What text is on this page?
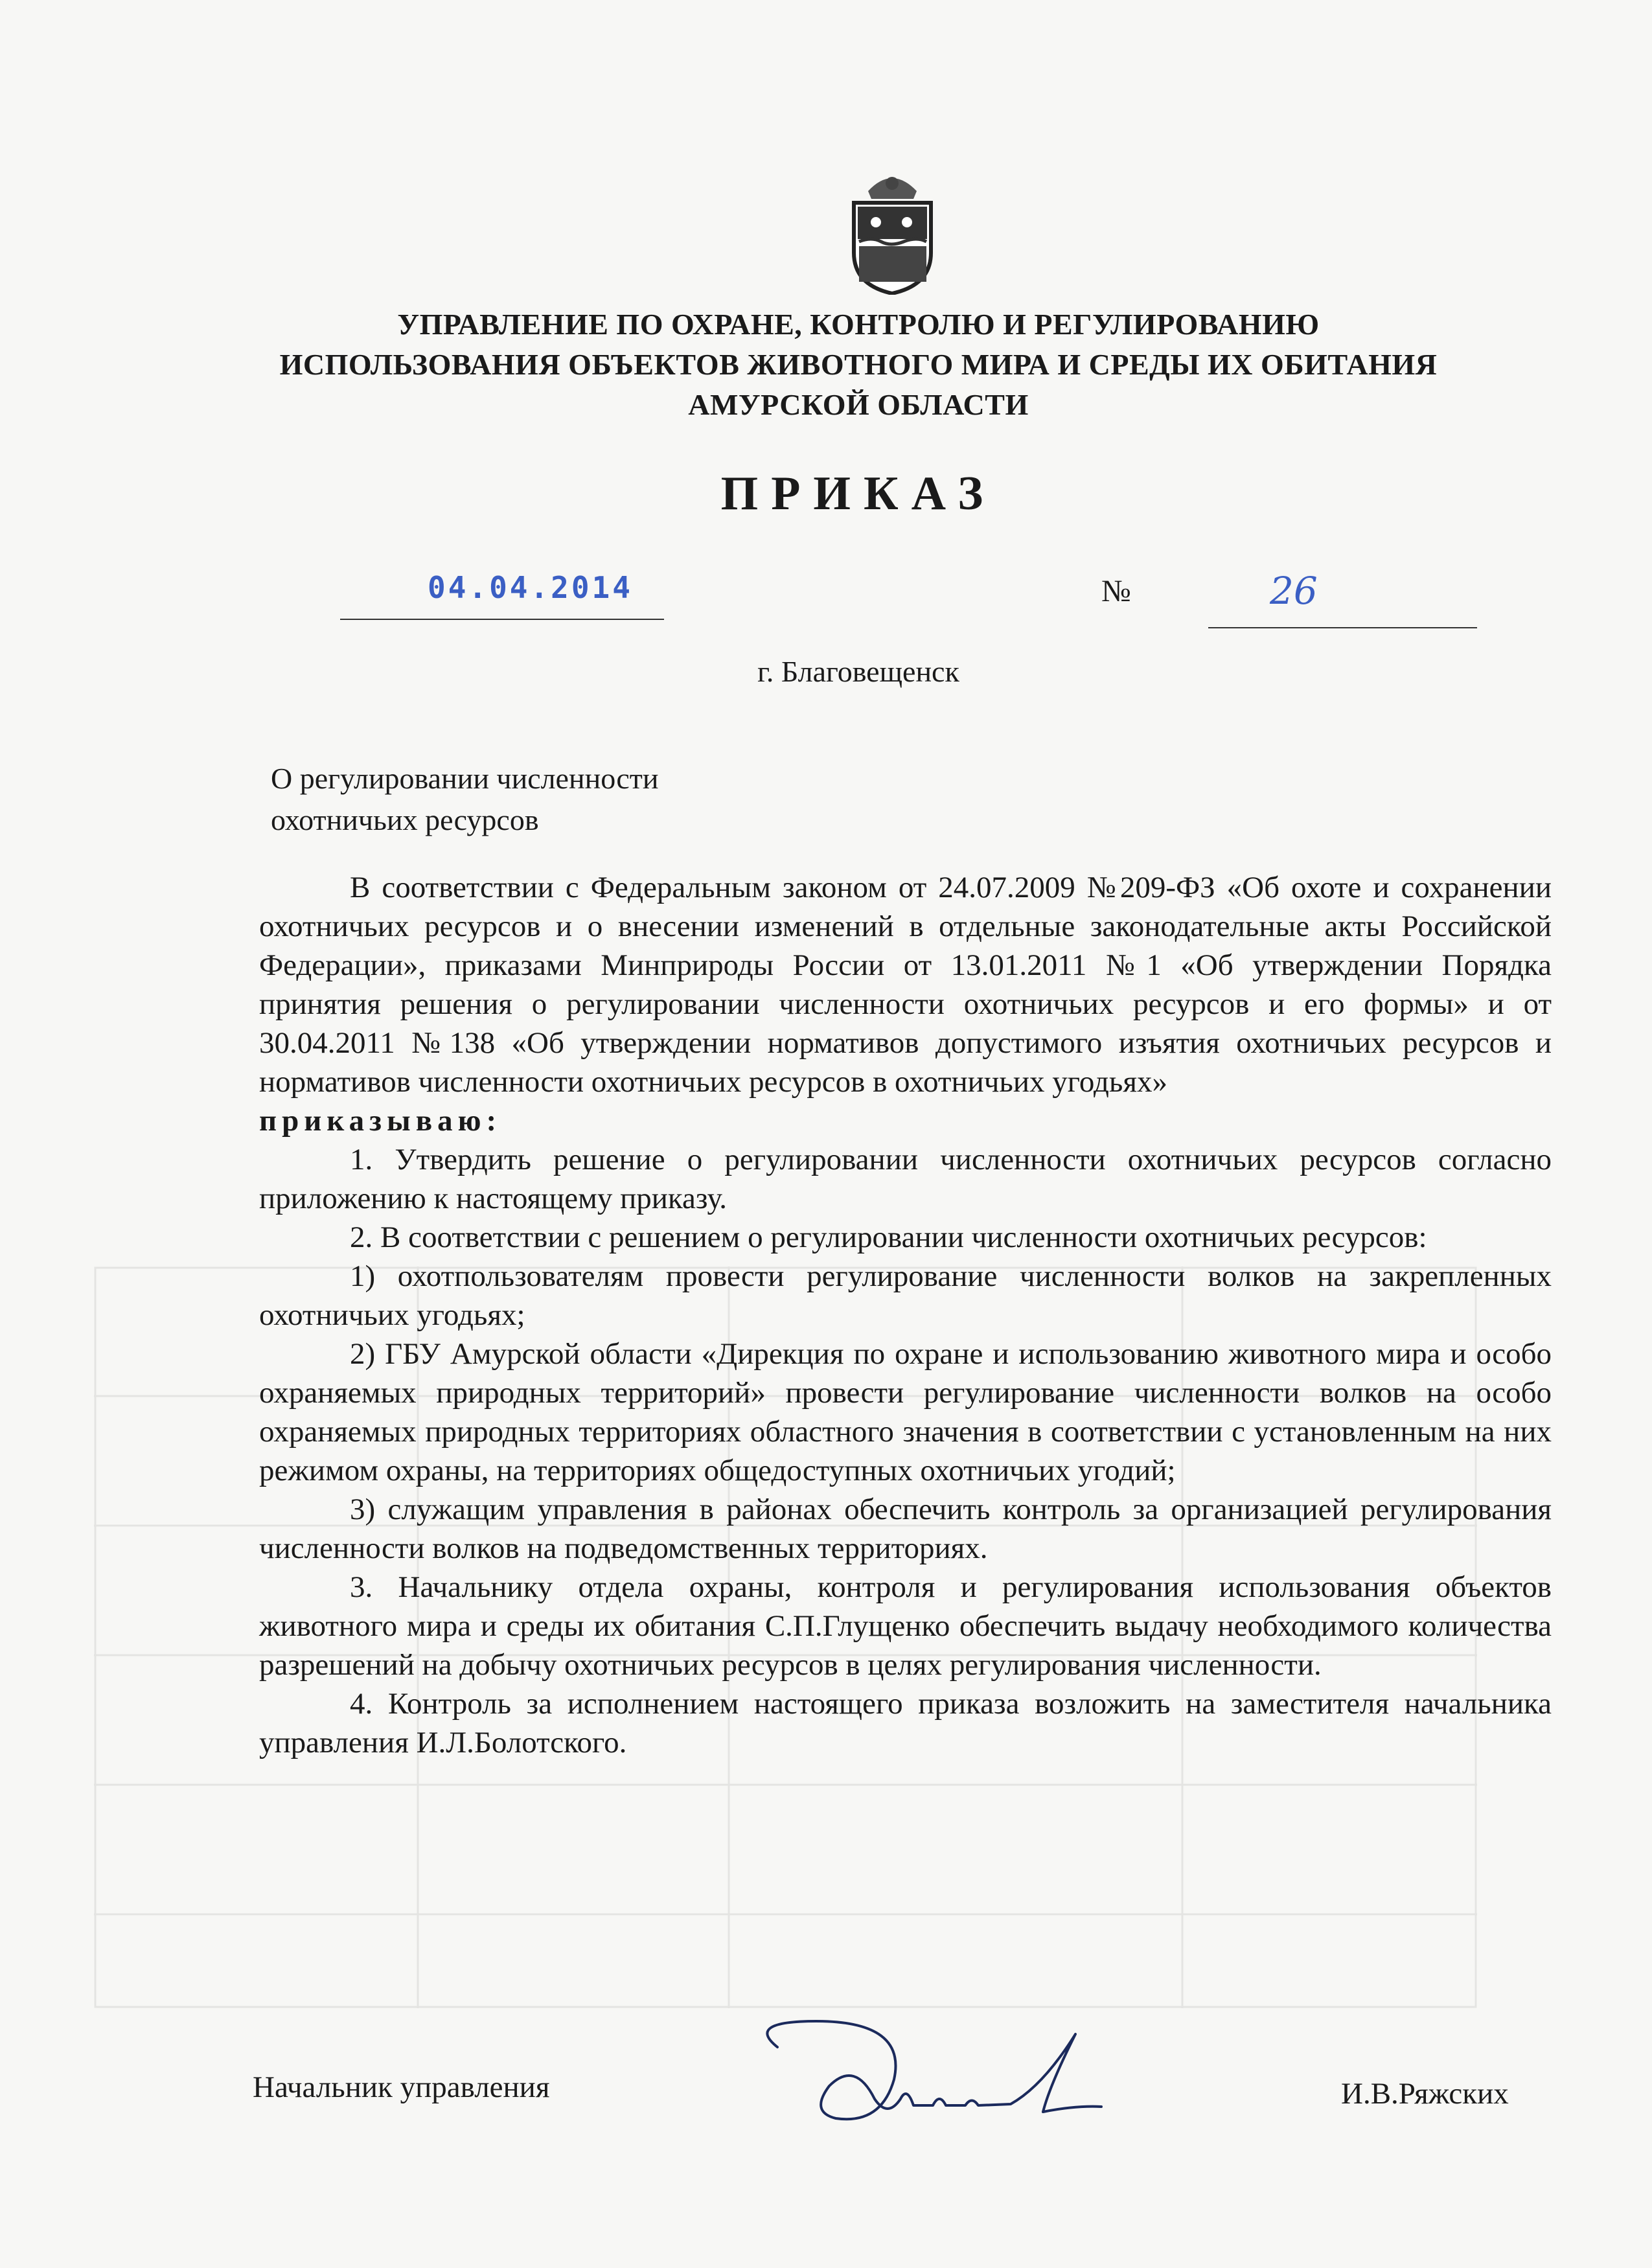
УПРАВЛЕНИЕ ПО ОХРАНЕ, КОНТРОЛЮ И РЕГУЛИРОВАНИЮ
ИСПОЛЬЗОВАНИЯ ОБЪЕКТОВ ЖИВОТНОГО МИРА И СРЕДЫ ИХ ОБИТАНИЯ
АМУРСКОЙ ОБЛАСТИ
ПРИКАЗ
04.04.2014	№	26
г. Благовещенск
О регулировании численности
охотничьих ресурсов

В соответствии с Федеральным законом от 24.07.2009 №209-ФЗ «Об охоте и сохранении охотничьих ресурсов и о внесении изменений в отдельные законодательные акты Российской Федерации», приказами Минприроды России от 13.01.2011 №1 «Об утверждении Порядка принятия решения о регулировании численности охотничьих ресурсов и его формы» и от 30.04.2011 №138 «Об утверждении нормативов допустимого изъятия охотничьих ресурсов и нормативов численности охотничьих ресурсов в охотничьих угодьях»

приказываю:

1. Утвердить решение о регулировании численности охотничьих ресурсов согласно приложению к настоящему приказу.

2. В соответствии с решением о регулировании численности охотничьих ресурсов:

1) охотпользователям провести регулирование численности волков на закрепленных охотничьих угодьях;

2) ГБУ Амурской области «Дирекция по охране и использованию животного мира и особо охраняемых природных территорий» провести регулирование численности волков на особо охраняемых природных территориях областного значения в соответствии с установленным на них режимом охраны, на территориях общедоступных охотничьих угодий;

3) служащим управления в районах обеспечить контроль за организацией регулирования численности волков на подведомственных территориях.

3. Начальнику отдела охраны, контроля и регулирования использования объектов животного мира и среды их обитания С.П.Глущенко обеспечить выдачу необходимого количества разрешений на добычу охотничьих ресурсов в целях регулирования численности.

4. Контроль за исполнением настоящего приказа возложить на заместителя начальника управления И.Л.Болотского.

Начальник управления	И.В.Ряжских
